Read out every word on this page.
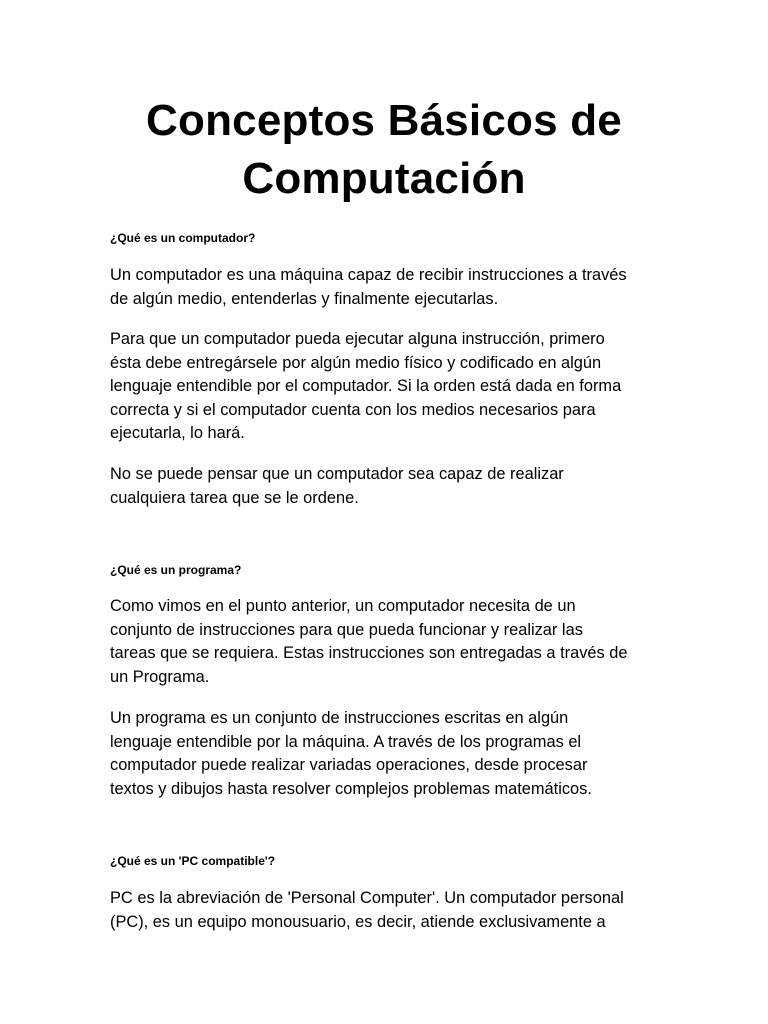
Conceptos Básicos de
Computación
¿Qué es un computador?

Un computador es una máquina capaz de recibir instrucciones a través
de algún medio, entenderlas y finalmente ejecutarlas.

Para que un computador pueda ejecutar alguna instrucción, primero
ésta debe entregársele por algún medio físico y codificado en algún
lenguaje entendible por el computador. Si la orden está dada en forma
correcta y si el computador cuenta con los medios necesarios para
ejecutarla, lo hará.

No se puede pensar que un computador sea capaz de realizar
cualquiera tarea que se le ordene.

¿Qué es un programa?

Como vimos en el punto anterior, un computador necesita de un
conjunto de instrucciones para que pueda funcionar y realizar las
tareas que se requiera. Estas instrucciones son entregadas a través de
un Programa.

Un programa es un conjunto de instrucciones escritas en algún
lenguaje entendible por la máquina. A través de los programas el
computador puede realizar variadas operaciones, desde procesar
textos y dibujos hasta resolver complejos problemas matemáticos.

¿Qué es un 'PC compatible'?

PC es la abreviación de 'Personal Computer'. Un computador personal
(PC), es un equipo monousuario, es decir, atiende exclusivamente a
